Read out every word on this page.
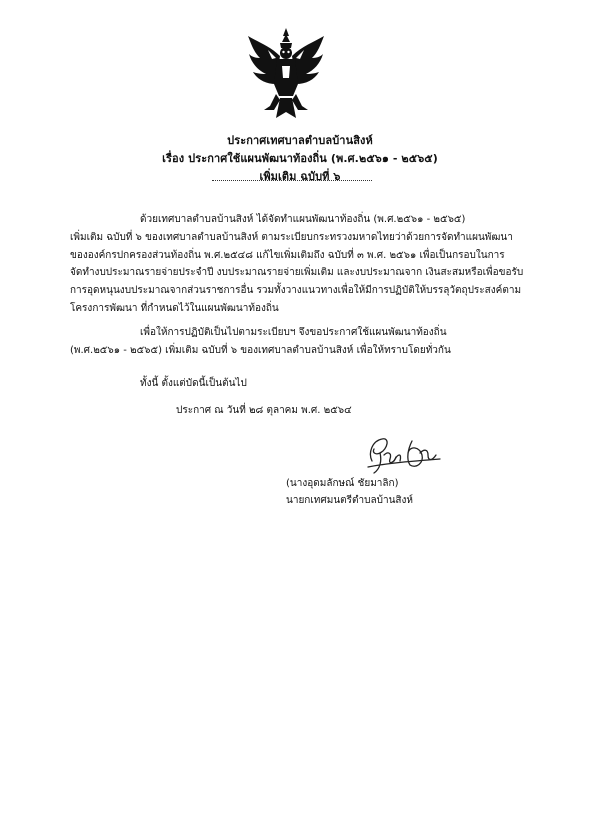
ประกาศเทศบาลตำบลบ้านสิงห์
เรื่อง ประกาศใช้แผนพัฒนาท้องถิ่น (พ.ศ.๒๕๖๑ - ๒๕๖๕)
เพิ่มเติม ฉบับที่ ๖
ด้วยเทศบาลตำบลบ้านสิงห์ ได้จัดทำแผนพัฒนาท้องถิ่น (พ.ศ.๒๕๖๑ - ๒๕๖๕)
เพิ่มเติม ฉบับที่ ๖ ของเทศบาลตำบลบ้านสิงห์ ตามระเบียบกระทรวงมหาดไทยว่าด้วยการจัดทำแผนพัฒนา
ขององค์กรปกครองส่วนท้องถิ่น พ.ศ.๒๕๔๘ แก้ไขเพิ่มเติมถึง ฉบับที่ ๓ พ.ศ. ๒๕๖๑ เพื่อเป็นกรอบในการ
จัดทำงบประมาณรายจ่ายประจำปี งบประมาณรายจ่ายเพิ่มเติม และงบประมาณจาก เงินสะสมหรือเพื่อขอรับ
การอุดหนุนงบประมาณจากส่วนราชการอื่น รวมทั้งวางแนวทางเพื่อให้มีการปฏิบัติให้บรรลุวัตถุประสงค์ตาม
โครงการพัฒนา ที่กำหนดไว้ในแผนพัฒนาท้องถิ่น
เพื่อให้การปฏิบัติเป็นไปตามระเบียบฯ จึงขอประกาศใช้แผนพัฒนาท้องถิ่น
(พ.ศ.๒๕๖๑ - ๒๕๖๕) เพิ่มเติม ฉบับที่ ๖ ของเทศบาลตำบลบ้านสิงห์ เพื่อให้ทราบโดยทั่วกัน
ทั้งนี้ ตั้งแต่บัดนี้เป็นต้นไป
ประกาศ ณ วันที่ ๒๘ ตุลาคม พ.ศ. ๒๕๖๔
(นางอุดมลักษณ์ ชัยมาลิก)
นายกเทศมนตรีตำบลบ้านสิงห์
